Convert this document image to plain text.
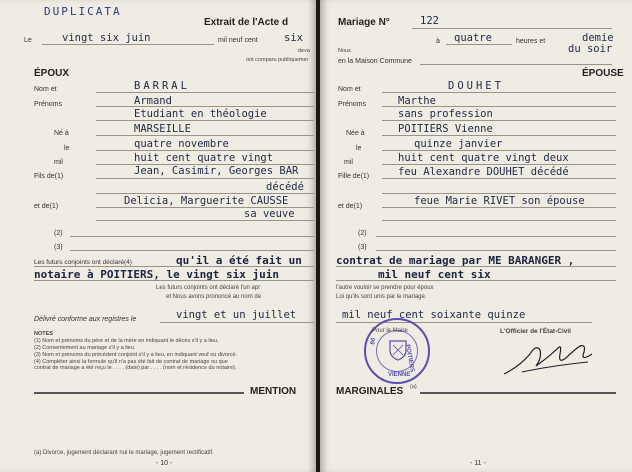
DUPLICATA
Extrait de l'Acte d
Le	vingt six juin	mil neuf cent	six
deva
ont comparu publiquemer
ÉPOUX
Nom et	BARRAL
Prénoms	Armand
Etudiant en théologie
Né à	MARSEILLE
le	quatre novembre
mil	huit cent quatre vingt
Fils de(1)	Jean, Casimir, Georges BAR
décédé
et de(1)	Delicia, Marguerite CAUSSE
sa veuve
(2)
(3)
Les futurs conjoints ont déclaré(4)	qu'il a été fait un
notaire à POITIERS, le vingt six juin
Les futurs conjoints ont déclaré l'un apr
et Nous avons prononcé au nom de
Délivré conforme aux registres le	vingt et un juillet
NOTES
(1) Nom et prénoms du père et de la mère en indiquant le décès s'il y a lieu.
(2) Consentement au mariage s'il y a lieu.
(3) Nom et prénoms du précédent conjoint s'il y a lieu, en indiquant veuf ou divorcé.
(4) Compléter ainsi la formule qu'il n'a pas été fait de contrat de mariage ou que
contrat de mariage a été reçu le . . . . (date) par . . . . (nom et résidence du notaire).
MENTION
(a) Divorce, jugement déclarant nul le mariage, jugement rectificatif.
- 10 -
Mariage N°	122
à quatre	heures et	demie
du soir
Nous
en la Maison Commune
ÉPOUSE
Nom et	DOUHET
Prénoms	Marthe
sans profession
Née à	POITIERS Vienne
le	quinze janvier
mil	huit cent quatre vingt deux
Fille de(1)	feu Alexandre DOUHET décédé
et de(1)	feue Marie RIVET son épouse
(2)
(3)
contrat de mariage par ME BARANGER ,
mil neuf cent six
l'autre vouloir se prendre pour époux
Loi qu'ils sont unis par le mariage.
mil neuf cent soixante quinze
POITIERS
VIENNE
86
Pour le Maire	L'Officier de l'État-Civil
MARGINALES (a)
- 11 -
